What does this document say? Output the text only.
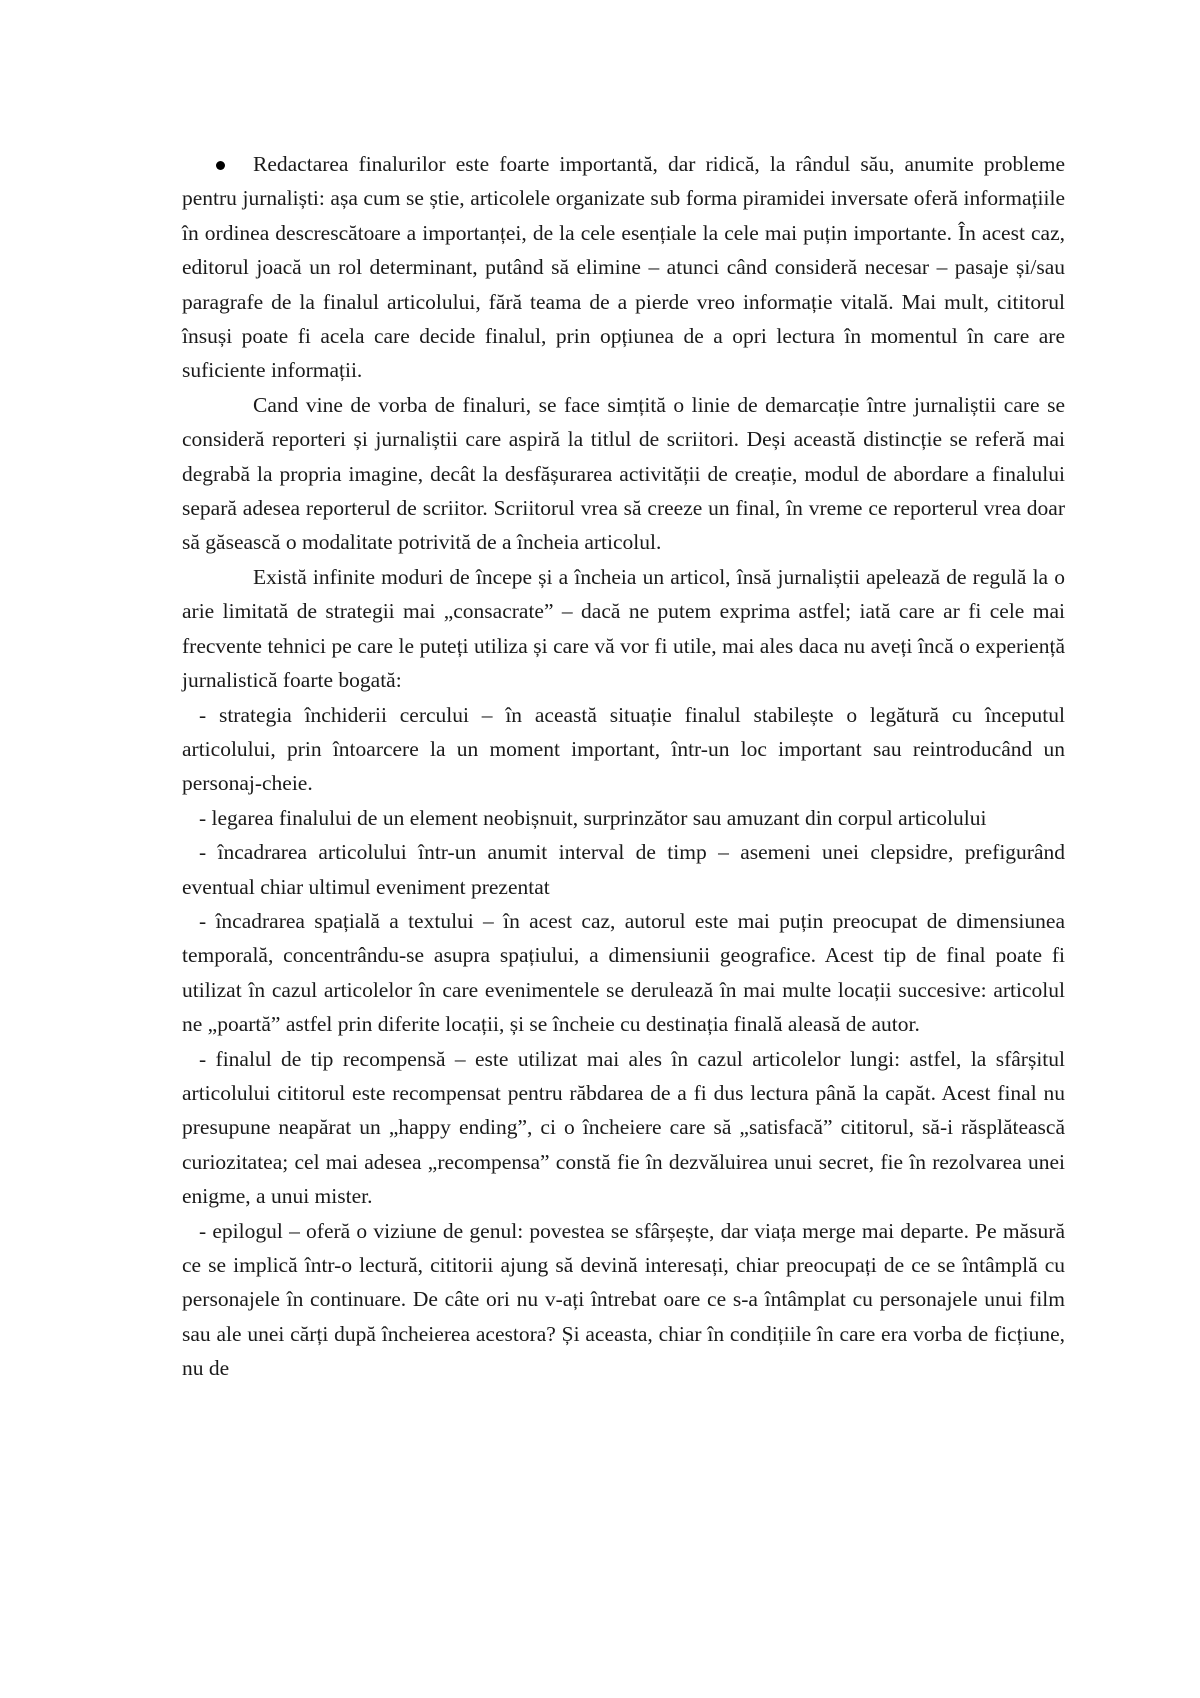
Redactarea finalurilor este foarte importantă, dar ridică, la rândul său, anumite probleme pentru jurnaliști: așa cum se știe, articolele organizate sub forma piramidei inversate oferă informațiile în ordinea descrescătoare a importanței, de la cele esențiale la cele mai puțin importante. În acest caz, editorul joacă un rol determinant, putând să elimine – atunci când consideră necesar – pasaje și/sau paragrafe de la finalul articolului, fără teama de a pierde vreo informație vitală. Mai mult, cititorul însuși poate fi acela care decide finalul, prin opțiunea de a opri lectura în momentul în care are suficiente informații.

Cand vine de vorba de finaluri, se face simțită o linie de demarcație între jurnaliștii care se consideră reporteri și jurnaliștii care aspiră la titlul de scriitori. Deși această distincție se referă mai degrabă la propria imagine, decât la desfășurarea activității de creație, modul de abordare a finalului separă adesea reporterul de scriitor. Scriitorul vrea să creeze un final, în vreme ce reporterul vrea doar să găsească o modalitate potrivită de a încheia articolul.

Există infinite moduri de începe și a încheia un articol, însă jurnaliștii apelează de regulă la o arie limitată de strategii mai „consacrate” – dacă ne putem exprima astfel; iată care ar fi cele mai frecvente tehnici pe care le puteți utiliza și care vă vor fi utile, mai ales daca nu aveți încă o experiență jurnalistică foarte bogată:

- strategia închiderii cercului – în această situație finalul stabilește o legătură cu începutul articolului, prin întoarcere la un moment important, într-un loc important sau reintroducând un personaj-cheie.

- legarea finalului de un element neobișnuit, surprinzător sau amuzant din corpul articolului

- încadrarea articolului într-un anumit interval de timp – asemeni unei clepsidre, prefigurând eventual chiar ultimul eveniment prezentat

- încadrarea spațială a textului – în acest caz, autorul este mai puțin preocupat de dimensiunea temporală, concentrându-se asupra spațiului, a dimensiunii geografice. Acest tip de final poate fi utilizat în cazul articolelor în care evenimentele se derulează în mai multe locații succesive: articolul ne „poartă” astfel prin diferite locații, și se încheie cu destinația finală aleasă de autor.

- finalul de tip recompensă – este utilizat mai ales în cazul articolelor lungi: astfel, la sfârșitul articolului cititorul este recompensat pentru răbdarea de a fi dus lectura până la capăt. Acest final nu presupune neapărat un „happy ending”, ci o încheiere care să „satisfacă” cititorul, să-i răsplătească curiozitatea; cel mai adesea „recompensa” constă fie în dezvăluirea unui secret, fie în rezolvarea unei enigme, a unui mister.

- epilogul – oferă o viziune de genul: povestea se sfârșește, dar viața merge mai departe. Pe măsură ce se implică într-o lectură, cititorii ajung să devină interesați, chiar preocupați de ce se întâmplă cu personajele în continuare. De câte ori nu v-ați întrebat oare ce s-a întâmplat cu personajele unui film sau ale unei cărți după încheierea acestora? Și aceasta, chiar în condițiile în care era vorba de ficțiune, nu de
